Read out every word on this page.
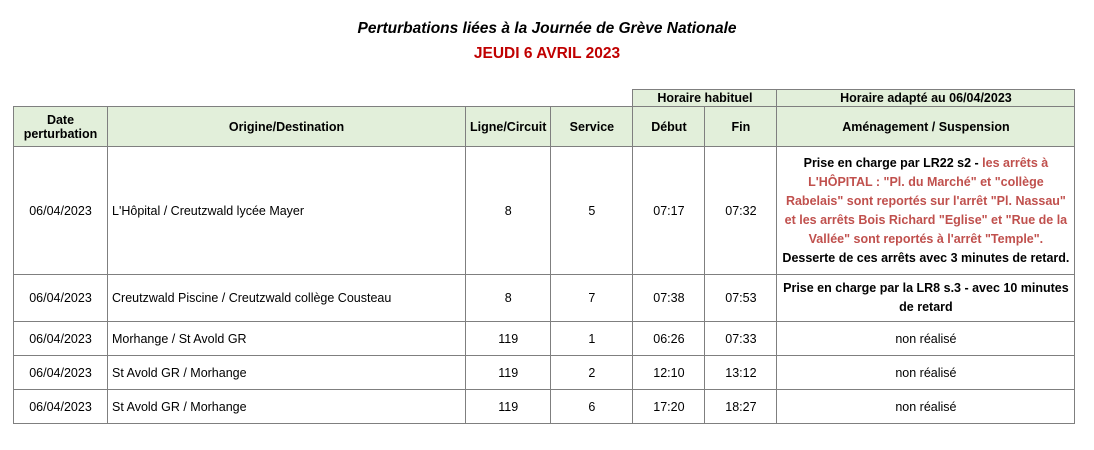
Perturbations liées à la Journée de Grève Nationale
JEUDI 6 AVRIL 2023
				Horaire habituel		Horaire adapté au 06/04/2023
Date perturbation	Origine/Destination	Ligne/Circuit	Service	Début	Fin	Aménagement / Suspension
06/04/2023	L'Hôpital / Creutzwald lycée Mayer	8	5	07:17	07:32	Prise en charge par LR22 s2 - les arrêts à L'HÔPITAL : "Pl. du Marché" et "collège Rabelais" sont reportés sur l'arrêt "Pl. Nassau" et les arrêts Bois Richard "Eglise" et "Rue de la Vallée" sont reportés à l'arrêt "Temple".
Desserte de ces arrêts avec 3 minutes de retard.
06/04/2023	Creutzwald Piscine / Creutzwald collège Cousteau	8	7	07:38	07:53	Prise en charge par la LR8 s.3 - avec 10 minutes de retard
06/04/2023	Morhange / St Avold GR	119	1	06:26	07:33	non réalisé
06/04/2023	St Avold GR / Morhange	119	2	12:10	13:12	non réalisé
06/04/2023	St Avold GR / Morhange	119	6	17:20	18:27	non réalisé
